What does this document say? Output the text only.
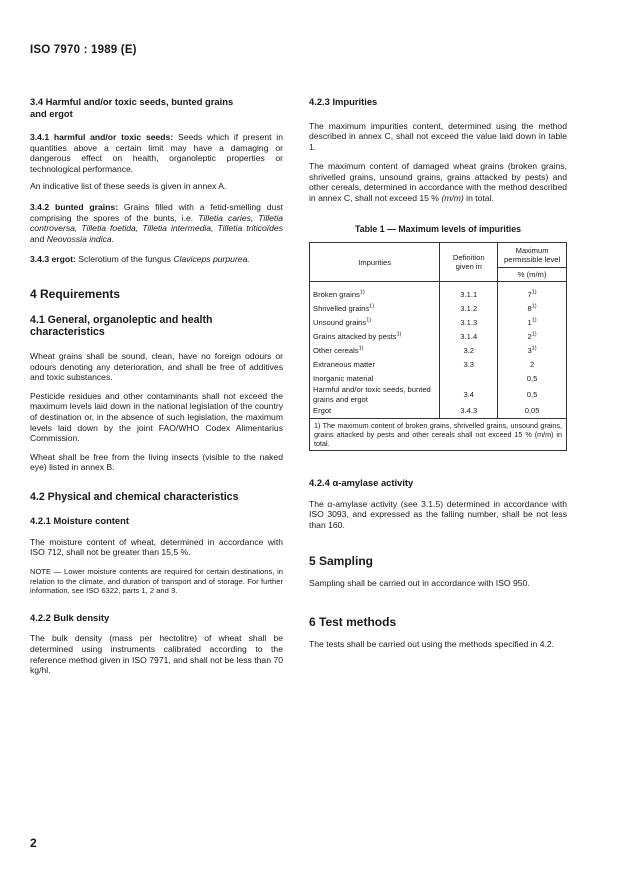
ISO 7970 : 1989 (E)

3.4 Harmful and/or toxic seeds, bunted grains and ergot

3.4.1 harmful and/or toxic seeds: Seeds which if present in quantities above a certain limit may have a damaging or dangerous effect on health, organoleptic properties or technological performance.

An indicative list of these seeds is given in annex A.

3.4.2 bunted grains: Grains filled with a fetid-smelling dust comprising the spores of the bunts, i.e. Tilletia caries, Tilletia controversa, Tilletia foetida, Tilletia intermedia, Tilletia triticoïdes and Neovossia indica.

3.4.3 ergot: Sclerotium of the fungus Claviceps purpurea.

4 Requirements

4.1 General, organoleptic and health characteristics

Wheat grains shall be sound, clean, have no foreign odours or odours denoting any deterioration, and shall be free of additives and toxic substances.

Pesticide residues and other contaminants shall not exceed the maximum levels laid down in the national legislation of the country of destination or, in the absence of such legislation, the maximum levels laid down by the joint FAO/WHO Codex Alimentarius Commission.

Wheat shall be free from the living insects (visible to the naked eye) listed in annex B.

4.2 Physical and chemical characteristics

4.2.1 Moisture content

The moisture content of wheat, determined in accordance with ISO 712, shall not be greater than 15,5 %.

NOTE — Lower moisture contents are required for certain destinations, in relation to the climate, and duration of transport and of storage. For further information, see ISO 6322, parts 1, 2 and 3.

4.2.2 Bulk density

The bulk density (mass per hectolitre) of wheat shall be determined using instruments calibrated according to the reference method given in ISO 7971, and shall not be less than 70 kg/hl.

4.2.3 Impurities

The maximum impurities content, determined using the method described in annex C, shall not exceed the value laid down in table 1.

The maximum content of damaged wheat grains (broken grains, shrivelled grains, unsound grains, grains attacked by pests) and other cereals, determined in accordance with the method described in annex C, shall not exceed 15 % (m/m) in total.

Table 1 — Maximum levels of impurities

Impurities	Definition given in	Maximum permissible level
% (m/m)

Broken grains$^{1)}$	3.1.1	7$^{1)}$
Shrivelled grains$^{1)}$	3.1.2	8$^{1)}$
Unsound grains$^{1)}$	3.1.3	1$^{1)}$
Grains attacked by pests$^{1)}$	3.1.4	2$^{1)}$
Other cereals$^{1)}$	3.2	3$^{1)}$
Extraneous matter	3.3	2
Inorganic material		0,5
Harmful and/or toxic seeds, bunted grains and ergot	3.4	0,5
Ergot	3.4.3	0,05
1) The maximum content of broken grains, shrivelled grains, unsound grains, grains attacked by pests and other cereals shall not exceed 15 % (m/m) in total.		

4.2.4 α-amylase activity

The α-amylase activity (see 3.1.5) determined in accordance with ISO 3093, and expressed as the falling number, shall be not less than 160.

5 Sampling

Sampling shall be carried out in accordance with ISO 950.

6 Test methods

The tests shall be carried out using the methods specified in 4.2.

2
